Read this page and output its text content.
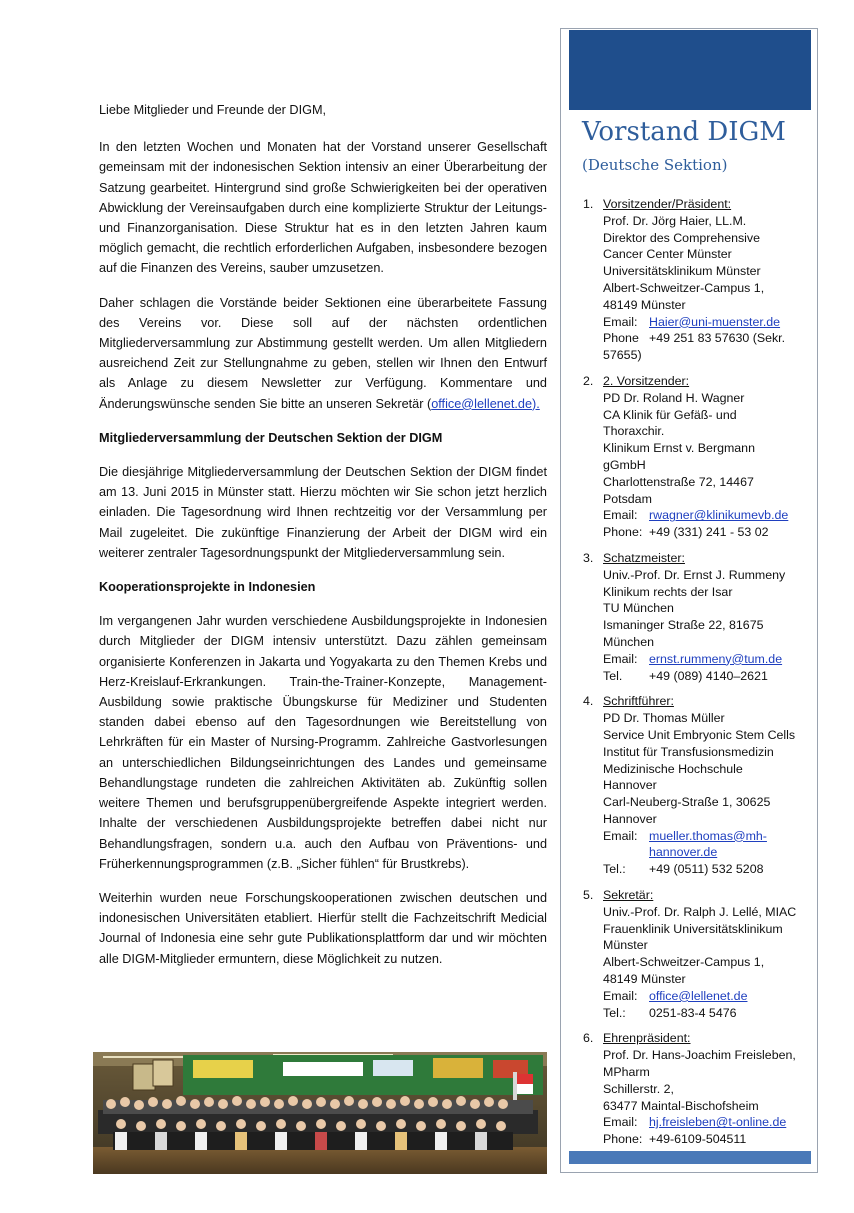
Liebe Mitglieder und Freunde der DIGM,

In den letzten Wochen und Monaten hat der Vorstand unserer Gesellschaft gemeinsam mit der indonesischen Sektion intensiv an einer Überarbeitung der Satzung gearbeitet. Hintergrund sind große Schwierigkeiten bei der operativen Abwicklung der Vereinsaufgaben durch eine komplizierte Struktur der Leitungs- und Finanzorganisation. Diese Struktur hat es in den letzten Jahren kaum möglich gemacht, die rechtlich erforderlichen Aufgaben, insbesondere bezogen auf die Finanzen des Vereins, sauber umzusetzen.

Daher schlagen die Vorstände beider Sektionen eine überarbeitete Fassung des Vereins vor. Diese soll auf der nächsten ordentlichen Mitgliederversammlung zur Abstimmung gestellt werden. Um allen Mitgliedern ausreichend Zeit zur Stellungnahme zu geben, stellen wir Ihnen den Entwurf als Anlage zu diesem Newsletter zur Verfügung. Kommentare und Änderungswünsche senden Sie bitte an unseren Sekretär (office@lellenet.de).

Mitgliederversammlung der Deutschen Sektion der DIGM

Die diesjährige Mitgliederversammlung der Deutschen Sektion der DIGM findet am 13. Juni 2015 in Münster statt. Hierzu möchten wir Sie schon jetzt herzlich einladen. Die Tagesordnung wird Ihnen rechtzeitig vor der Versammlung per Mail zugeleitet. Die zukünftige Finanzierung der Arbeit der DIGM wird ein weiterer zentraler Tagesordnungspunkt der Mitgliederversammlung sein.

Kooperationsprojekte in Indonesien

Im vergangenen Jahr wurden verschiedene Ausbildungsprojekte in Indonesien durch Mitglieder der DIGM intensiv unterstützt. Dazu zählen gemeinsam organisierte Konferenzen in Jakarta und Yogyakarta zu den Themen Krebs und Herz-Kreislauf-Erkrankungen. Train-the-Trainer-Konzepte, Management-Ausbildung sowie praktische Übungskurse für Mediziner und Studenten standen dabei ebenso auf den Tagesordnungen wie Bereitstellung von Lehrkräften für ein Master of Nursing-Programm. Zahlreiche Gastvorlesungen an unterschiedlichen Bildungseinrichtungen des Landes und gemeinsame Behandlungstage rundeten die zahlreichen Aktivitäten ab. Zukünftig sollen weitere Themen und berufsgruppenübergreifende Aspekte integriert werden. Inhalte der verschiedenen Ausbildungsprojekte betreffen dabei nicht nur Behandlungsfragen, sondern u.a. auch den Aufbau von Präventions- und Früherkennungsprogrammen (z.B. „Sicher fühlen“ für Brustkrebs).

Weiterhin wurden neue Forschungskooperationen zwischen deutschen und indonesischen Universitäten etabliert. Hierfür stellt die Fachzeitschrift Medicial Journal of Indonesia eine sehr gute Publikationsplattform dar und wir möchten alle DIGM-Mitglieder ermuntern, diese Möglichkeit zu nutzen.

Vorstand DIGM
(Deutsche Sektion)
1. Vorsitzender/Präsident:
Prof. Dr. Jörg Haier, LL.M.
Direktor des Comprehensive
Cancer Center Münster
Universitätsklinikum Münster
Albert-Schweitzer-Campus 1,
48149 Münster
Email: Haier@uni-muenster.de
Phone +49 251 83 57630 (Sekr.
57655)
2. 2. Vorsitzender:
PD Dr. Roland H. Wagner
CA Klinik für Gefäß- und
Thoraxchir.
Klinikum Ernst v. Bergmann
gGmbH
Charlottenstraße 72, 14467
Potsdam
Email: rwagner@klinikumevb.de
Phone: +49 (331) 241 - 53 02
3. Schatzmeister:
Univ.-Prof. Dr. Ernst J. Rummeny
Klinikum rechts der Isar
TU München
Ismaninger Straße 22, 81675
München
Email: ernst.rummeny@tum.de
Tel. +49 (089) 4140–2621
4. Schriftführer:
PD Dr. Thomas Müller
Service Unit Embryonic Stem Cells
Institut für Transfusionsmedizin
Medizinische Hochschule
Hannover
Carl-Neuberg-Straße 1, 30625
Hannover
Email: mueller.thomas@mh-
hannover.de
Tel.: +49 (0511) 532 5208
5. Sekretär:
Univ.-Prof. Dr. Ralph J. Lellé, MIAC
Frauenklinik Universitätsklinikum
Münster
Albert-Schweitzer-Campus 1,
48149 Münster
Email: office@lellenet.de
Tel.: 0251-83-4 5476
6. Ehrenpräsident:
Prof. Dr. Hans-Joachim Freisleben,
MPharm
Schillerstr. 2,
63477 Maintal-Bischofsheim
Email: hj.freisleben@t-online.de
Phone: +49-6109-504511
